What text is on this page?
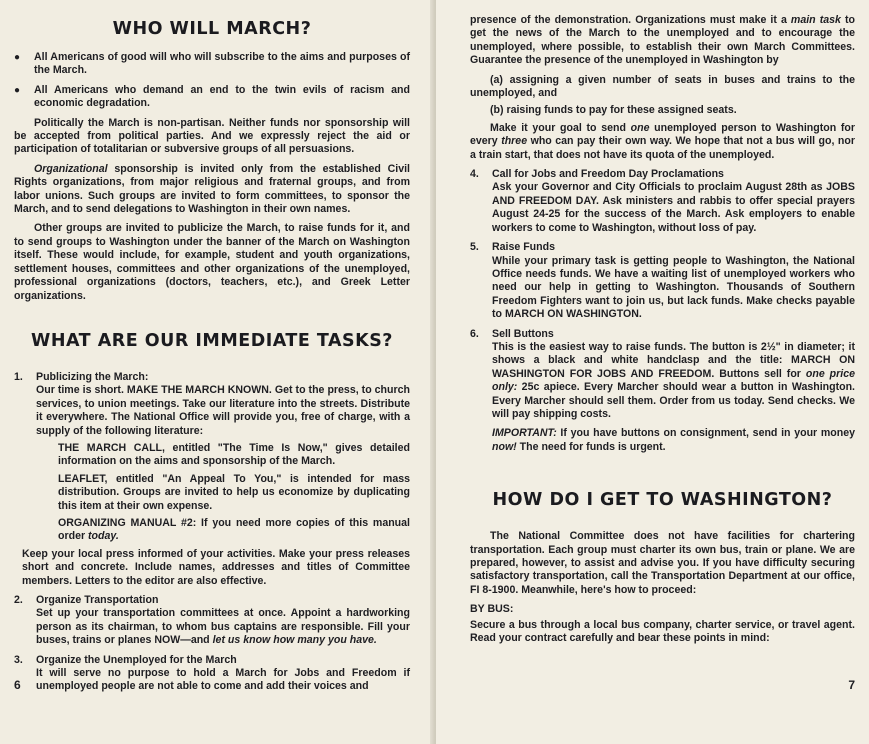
WHO WILL MARCH?
●	All Americans of good will who will subscribe to the aims and purposes of the March.
●	All Americans who demand an end to the twin evils of racism and economic degradation.

Politically the March is non-partisan. Neither funds nor sponsorship will be accepted from political parties. And we expressly reject the aid or participation of totalitarian or subversive groups of all persuasions.

Organizational sponsorship is invited only from the established Civil Rights organizations, from major religious and fraternal groups, and from labor unions. Such groups are invited to form committees, to sponsor the March, and to send delegations to Washington in their own names.

Other groups are invited to publicize the March, to raise funds for it, and to send groups to Washington under the banner of the March on Washington itself. These would include, for example, student and youth organizations, settlement houses, committees and other organizations of the unemployed, professional organizations (doctors, teachers, etc.), and Greek Letter organizations.

WHAT ARE OUR IMMEDIATE TASKS?
1.	Publicizing the March:

Our time is short. MAKE THE MARCH KNOWN. Get to the press, to church services, to union meetings. Take our literature into the streets. Distribute it everywhere. The National Office will provide you, free of charge, with a supply of the following literature:

THE MARCH CALL, entitled "The Time Is Now," gives detailed information on the aims and sponsorship of the March.

LEAFLET, entitled "An Appeal To You," is intended for mass distribution. Groups are invited to help us economize by duplicating this item at their own expense.

ORGANIZING MANUAL #2: If you need more copies of this manual order today.

Keep your local press informed of your activities. Make your press releases short and concrete. Include names, addresses and titles of Committee members. Letters to the editor are also effective.

2.	Organize Transportation

Set up your transportation committees at once. Appoint a hardworking person as its chairman, to whom bus captains are responsible. Fill your buses, trains or planes NOW—and let us know how many you have.

3.	Organize the Unemployed for the March

It will serve no purpose to hold a March for Jobs and Freedom if unemployed people are not able to come and add their voices and

6

presence of the demonstration. Organizations must make it a main task to get the news of the March to the unemployed and to encourage the unemployed, where possible, to establish their own March Committees. Guarantee the presence of the unemployed in Washington by

(a) assigning a given number of seats in buses and trains to the unemployed, and

(b) raising funds to pay for these assigned seats.

Make it your goal to send one unemployed person to Washington for every three who can pay their own way. We hope that not a bus will go, nor a train start, that does not have its quota of the unemployed.

4.	Call for Jobs and Freedom Day Proclamations

Ask your Governor and City Officials to proclaim August 28th as JOBS AND FREEDOM DAY. Ask ministers and rabbis to offer special prayers August 24-25 for the success of the March. Ask employers to enable workers to come to Washington, without loss of pay.

5.	Raise Funds

While your primary task is getting people to Washington, the National Office needs funds. We have a waiting list of unemployed workers who need our help in getting to Washington. Thousands of Southern Freedom Fighters want to join us, but lack funds. Make checks payable to MARCH ON WASHINGTON.

6.	Sell Buttons

This is the easiest way to raise funds. The button is 2½" in diameter; it shows a black and white handclasp and the title: MARCH ON WASHINGTON FOR JOBS AND FREEDOM. Buttons sell for one price only: 25c apiece. Every Marcher should wear a button in Washington. Every Marcher should sell them. Order from us today. Send checks. We will pay shipping costs.

IMPORTANT: If you have buttons on consignment, send in your money now! The need for funds is urgent.

HOW DO I GET TO WASHINGTON?

The National Committee does not have facilities for chartering transportation. Each group must charter its own bus, train or plane. We are prepared, however, to assist and advise you. If you have difficulty securing satisfactory transportation, call the Transportation Department at our office, FI 8-1900. Meanwhile, here's how to proceed:

BY BUS:

Secure a bus through a local bus company, charter service, or travel agent. Read your contract carefully and bear these points in mind:

7
